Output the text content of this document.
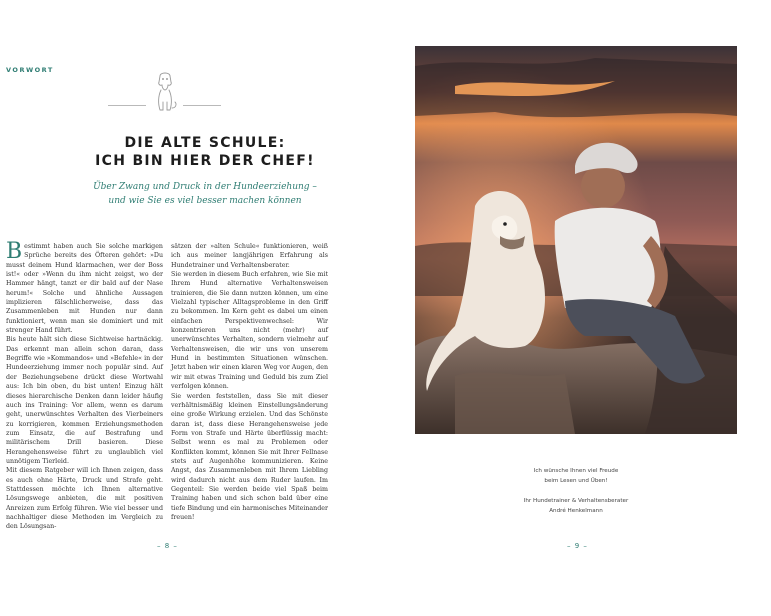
VORWORT
DIE ALTE SCHULE:
ICH BIN HIER DER CHEF!
Über Zwang und Druck in der Hundeerziehung –
und wie Sie es viel besser machen können

Bestimmt haben auch Sie solche markigen Sprüche bereits des Öfteren gehört: »Du musst deinem Hund klarmachen, wer der Boss ist!« oder »Wenn du ihm nicht zeigst, wo der Hammer hängt, tanzt er dir bald auf der Nase herum!« Solche und ähnliche Aussagen implizieren fälschlicherweise, dass das Zusammenleben mit Hunden nur dann funktioniert, wenn man sie dominiert und mit strenger Hand führt.

Bis heute hält sich diese Sichtweise hartnäckig. Das erkennt man allein schon daran, dass Begriffe wie »Kommandos« und »Befehle« in der Hundeerziehung immer noch populär sind. Auf der Beziehungsebene drückt diese Wortwahl aus: Ich bin oben, du bist unten! Einzug hält dieses hierarchische Denken dann leider häufig auch ins Training: Vor allem, wenn es darum geht, unerwünschtes Verhalten des Vierbeiners zu korrigieren, kommen Erziehungsmethoden zum Einsatz, die auf Bestrafung und militärischem Drill basieren. Diese Herangehensweise führt zu unglaublich viel unnötigem Tierleid.

Mit diesem Ratgeber will ich Ihnen zeigen, dass es auch ohne Härte, Druck und Strafe geht. Stattdessen möchte ich Ihnen alternative Lösungswege anbieten, die mit positiven Anreizen zum Erfolg führen. Wie viel besser und nachhaltiger diese Methoden im Vergleich zu den Lösungsan-

sätzen der »alten Schule« funktionieren, weiß ich aus meiner langjährigen Erfahrung als Hundetrainer und Verhaltensberater.

Sie werden in diesem Buch erfahren, wie Sie mit Ihrem Hund alternative Verhaltensweisen trainieren, die Sie dann nutzen können, um eine Vielzahl typischer Alltagsprobleme in den Griff zu bekommen. Im Kern geht es dabei um einen einfachen Perspektivenwechsel: Wir konzentrieren uns nicht (mehr) auf unerwünschtes Verhalten, sondern vielmehr auf Verhaltensweisen, die wir uns von unserem Hund in bestimmten Situationen wünschen. Jetzt haben wir einen klaren Weg vor Augen, den wir mit etwas Training und Geduld bis zum Ziel verfolgen können.

Sie werden feststellen, dass Sie mit dieser verhältnismäßig kleinen Einstellungsänderung eine große Wirkung erzielen. Und das Schönste daran ist, dass diese Herangehensweise jede Form von Strafe und Härte überflüssig macht: Selbst wenn es mal zu Problemen oder Konflikten kommt, können Sie mit Ihrer Fellnase stets auf Augenhöhe kommunizieren. Keine Angst, das Zusammenleben mit Ihrem Liebling wird dadurch nicht aus dem Ruder laufen. Im Gegenteil: Sie werden beide viel Spaß beim Training haben und sich schon bald über eine tiefe Bindung und ein harmonisches Miteinander freuen!

– 8 –
Ich wünsche Ihnen viel Freude
beim Lesen und Üben!
Ihr Hundetrainer & Verhaltensberater
André Henkelmann
– 9 –
